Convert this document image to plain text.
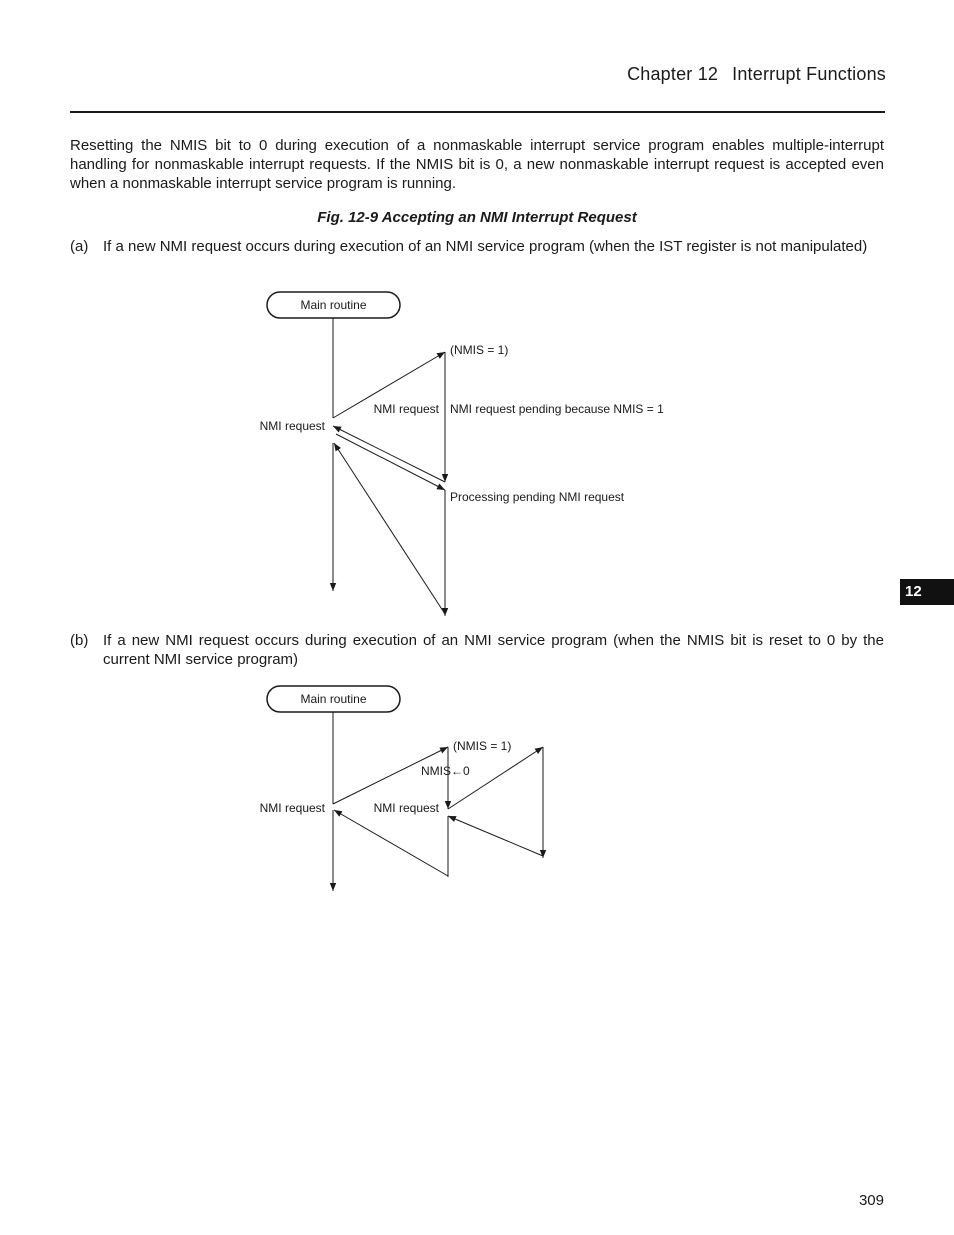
Chapter 12 Interrupt Functions

Resetting the NMIS bit to 0 during execution of a nonmaskable interrupt service program enables multiple-interrupt handling for nonmaskable interrupt requests. If the NMIS bit is 0, a new nonmaskable interrupt request is accepted even when a nonmaskable interrupt service program is running.

Fig. 12-9 Accepting an NMI Interrupt Request
(a) If a new NMI request occurs during execution of an NMI service program (when the IST register is not manipulated)
Main routine
(NMIS = 1)
NMI request NMI request pending because NMIS = 1
NMI request
Processing pending NMI request
(b) If a new NMI request occurs during execution of an NMI service program (when the NMIS bit is reset to 0 by the current NMI service program)
Main routine
(NMIS = 1)
NMIS←0
NMI request	NMI request
12
309
